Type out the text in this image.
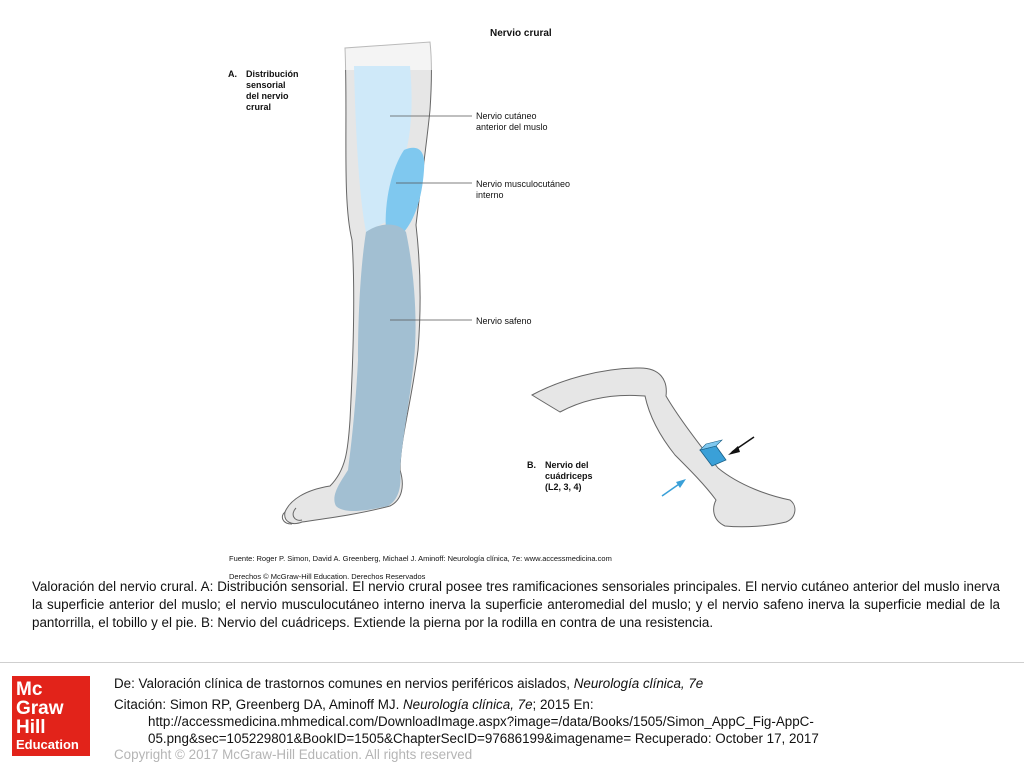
Nervio crural
A. Distribución
sensorial
del nervio
crural
Nervio cutáneo
anterior del muslo
Nervio musculocutáneo
interno
Nervio safeno
B. Nervio del
cuádriceps
(L2, 3, 4)

Fuente: Roger P. Simon, David A. Greenberg, Michael J. Aminoff: Neurología clínica, 7e: www.accessmedicina.com

Derechos © McGraw-Hill Education. Derechos Reservados

Valoración del nervio crural. A: Distribución sensorial. El nervio crural posee tres ramificaciones sensoriales principales. El nervio cutáneo anterior del muslo inerva la superficie anterior del muslo; el nervio musculocutáneo interno inerva la superficie anteromedial del muslo; y el nervio safeno inerva la superficie medial de la pantorrilla, el tobillo y el pie. B: Nervio del cuádriceps. Extiende la pierna por la rodilla en contra de una resistencia.
Mc
Graw
Hill
Education
De: Valoración clínica de trastornos comunes en nervios periféricos aislados, Neurología clínica, 7e
Citación: Simon RP, Greenberg DA, Aminoff MJ. Neurología clínica, 7e; 2015 En:
http://accessmedicina.mhmedical.com/DownloadImage.aspx?image=/data/Books/1505/Simon_AppC_Fig-AppC-
05.png&sec=105229801&BookID=1505&ChapterSecID=97686199&imagename= Recuperado: October 17, 2017
Copyright © 2017 McGraw-Hill Education. All rights reserved
